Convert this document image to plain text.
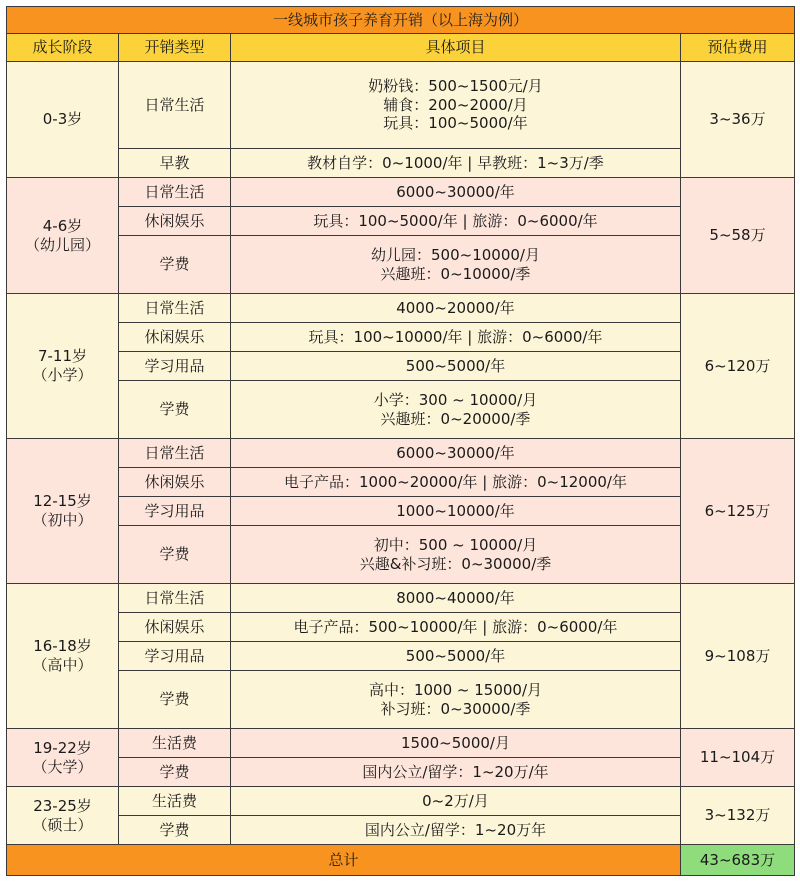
一线城市孩子养育开销（以上海为例）			
成长阶段	开销类型	具体项目	预估费用

0-3岁	日常生活	奶粉钱：500~1500元/月
辅食：200~2000/月
玩具：100~5000/年	3~36万
	早教	教材自学：0~1000/年 | 早教班：1~3万/季	

4-6岁
（幼儿园）	日常生活	6000~30000/年	5~58万
	休闲娱乐	玩具：100~5000/年 | 旅游：0~6000/年	

	学费	幼儿园：500~10000/月
兴趣班：0~10000/季	

7-11岁
（小学）	日常生活	4000~20000/年	6~120万
	休闲娱乐	玩具：100~10000/年 | 旅游：0~6000/年	

	学习用品	500~5000/年	

	学费	小学：300 ~ 10000/月
兴趣班：0~20000/季	

12-15岁
（初中）	日常生活	6000~30000/年	6~125万
	休闲娱乐	电子产品：1000~20000/年 | 旅游：0~12000/年	

	学习用品	1000~10000/年	

	学费	初中：500 ~ 10000/月
兴趣&补习班：0~30000/季	

16-18岁
（高中）	日常生活	8000~40000/年	9~108万
	休闲娱乐	电子产品：500~10000/年 | 旅游：0~6000/年	

	学习用品	500~5000/年	

	学费	高中：1000 ~ 15000/月
补习班：0~30000/季	

19-22岁
（大学）	生活费	1500~5000/月	11~104万
	学费	国内公立/留学：1~20万/年	

23-25岁
（硕士）	生活费	0~2万/月	3~132万
	学费	国内公立/留学：1~20万年	

总计			43~683万
